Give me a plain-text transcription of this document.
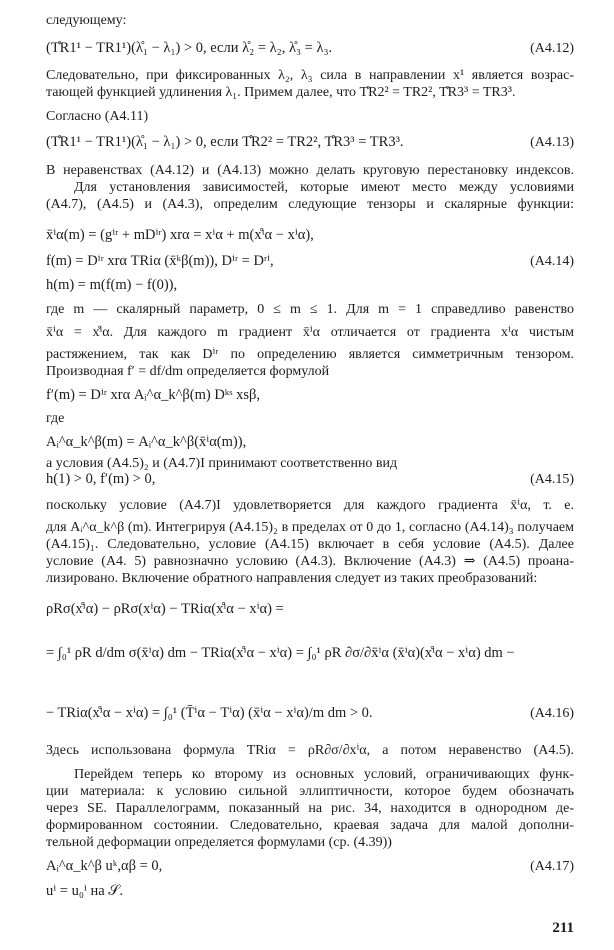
следующему:
(T̊R1¹ − TR1¹)(λ̊₁ − λ₁) > 0, если λ̊₂ = λ₂, λ̊₃ = λ₃.	(A4.12)
Следовательно, при фиксированных λ₂, λ₃ сила в направлении x¹ является возрас-
тающей функцией удлинения λ₁. Примем далее, что T̊R2² = TR2², T̊R3³ = TR3³.
Согласно (A4.11)
(T̊R1¹ − TR1¹)(λ̊₁ − λ₁) > 0, если T̊R2² = TR2², T̊R3³ = TR3³.	(A4.13)
В неравенствах (A4.12) и (A4.13) можно делать круговую перестановку индексов.
Для установления зависимостей, которые имеют место между условиями
(A4.7), (A4.5) и (A4.3), определим следующие тензоры и скалярные функции:
x̄ⁱα(m) = (gⁱʳ + mDⁱʳ) xrα = xⁱα + m(x̊ⁱα − xⁱα),
f(m) = Dⁱʳ xrα TRiα (x̄ᵏβ(m)), Dⁱʳ = Dʳⁱ,	(A4.14)
h(m) = m(f(m) − f(0)),
где m — скалярный параметр, 0 ≤ m ≤ 1. Для m = 1 справедливо равенство
x̄ⁱα = x̊ⁱα. Для каждого m градиент x̄ⁱα отличается от градиента xⁱα чистым
растяжением, так как Dⁱʳ по определению является симметричным тензором.
Производная f′ = df/dm определяется формулой
f′(m) = Dⁱʳ xrα Aᵢ^α_k^β(m) Dᵏˢ xsβ,
где
Aᵢ^α_k^β(m) = Aᵢ^α_k^β(x̄ⁱα(m)),
а условия (A4.5)₂ и (A4.7)I принимают соответственно вид
h(1) > 0, f′(m) > 0,	(A4.15)
поскольку условие (A4.7)I удовлетворяется для каждого градиента x̄ⁱα, т. е.
для Aᵢ^α_k^β (m). Интегрируя (A4.15)₂ в пределах от 0 до 1, согласно (A4.14)₃ получаем
(A4.15)₁. Следовательно, условие (A4.15) включает в себя условие (A4.5). Далее
условие (A4. 5) равнозначно условию (A4.3). Включение (A4.3) ⇒ (A4.5) проана-
лизировано. Включение обратного направления следует из таких преобразований:
ρRσ(x̊ⁱα) − ρRσ(xⁱα) − TRiα(x̊ⁱα − xⁱα) =
= ∫₀¹ ρR d/dm σ(x̄ⁱα) dm − TRiα(x̊ⁱα − xⁱα) = ∫₀¹ ρR ∂σ/∂x̄ⁱα (x̄ⁱα)(x̊ⁱα − xⁱα) dm −
− TRiα(x̊ⁱα − xⁱα) = ∫₀¹ (T̄ⁱα − Tⁱα) (x̄ⁱα − xⁱα)/m dm > 0.	(A4.16)
Здесь использована формула TRiα = ρR∂σ/∂xⁱα, а потом неравенство (A4.5).
Перейдем теперь ко второму из основных условий, ограничивающих функ-
ции материала: к условию сильной эллиптичности, которое будем обозначать
через SE. Параллелограмм, показанный на рис. 34, находится в однородном де-
формированном состоянии. Следовательно, краевая задача для малой дополни-
тельной деформации определяется формулами (ср. (4.39))
Aᵢ^α_k^β uᵏ,αβ = 0,	(A4.17)
uⁱ = u₀ⁱ на 𝒮.
211
